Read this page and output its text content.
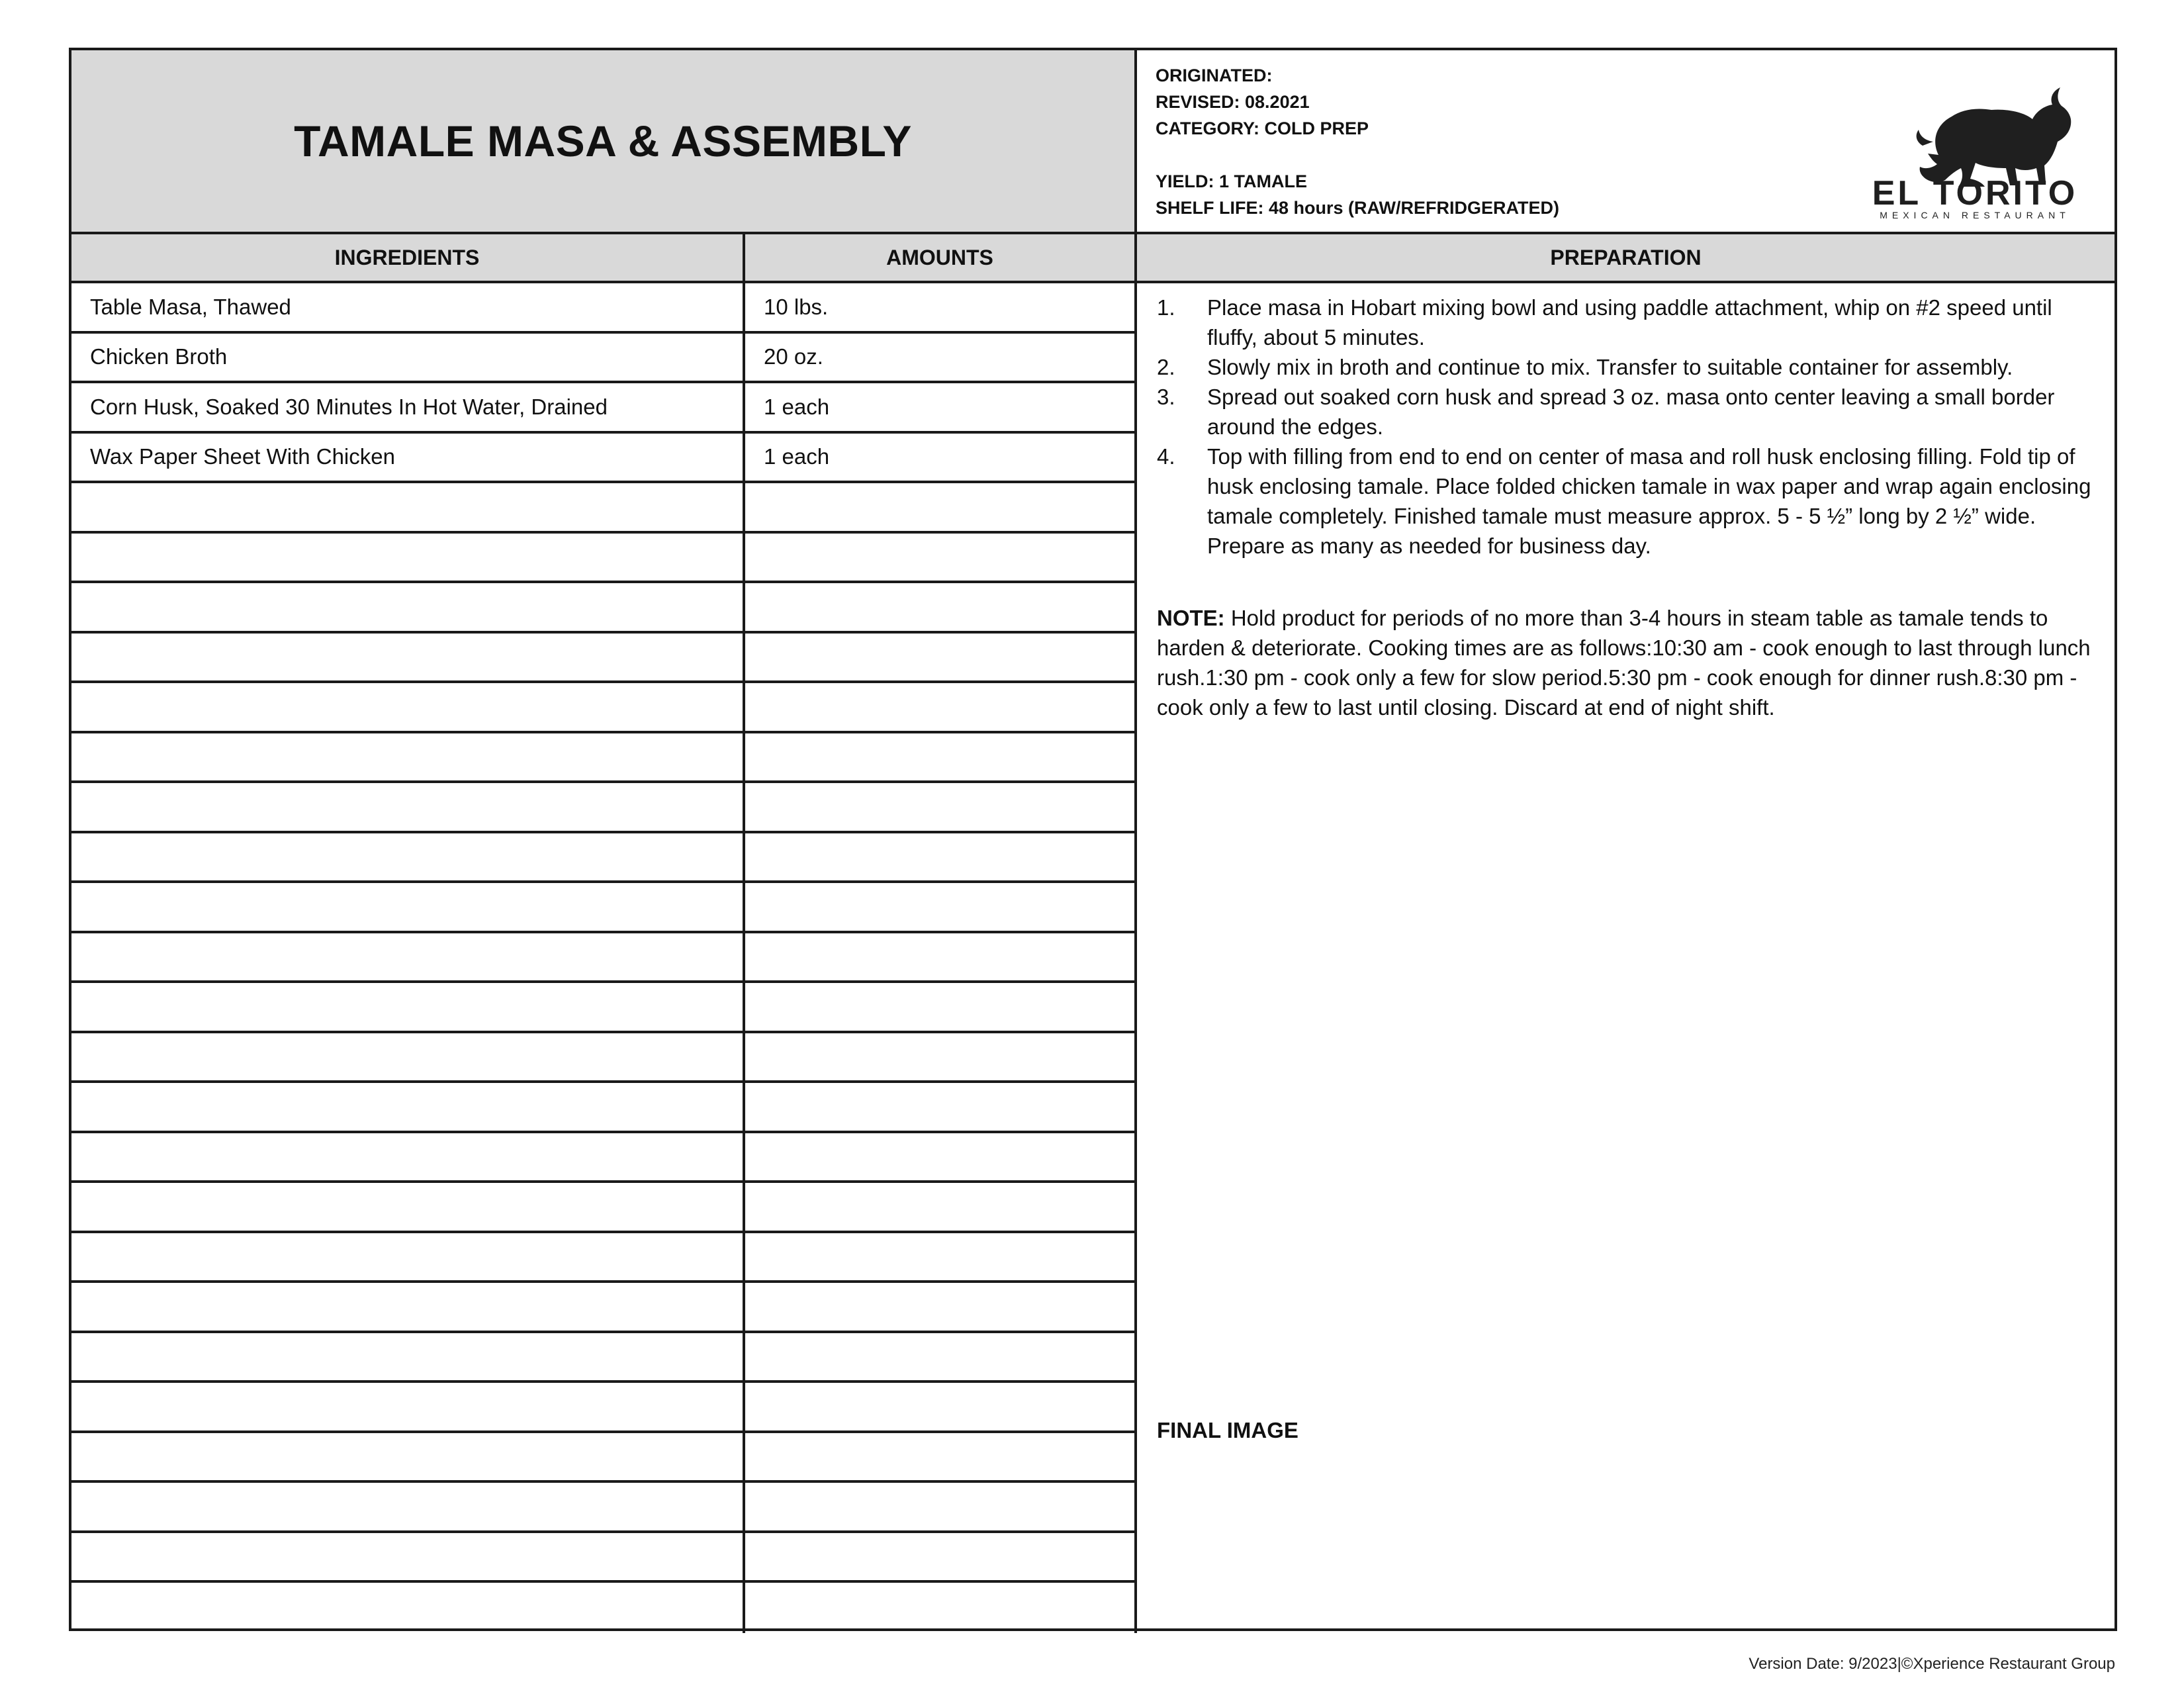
TAMALE MASA & ASSEMBLY
ORIGINATED:
REVISED: 08.2021
CATEGORY: COLD PREP
YIELD: 1 TAMALE
SHELF LIFE: 48 hours (RAW/REFRIDGERATED)	EL TORITO
MEXICAN RESTAURANT
INGREDIENTS	AMOUNTS	PREPARATION
Table Masa, Thawed	10 lbs.
Chicken Broth	20 oz.
Corn Husk, Soaked 30 Minutes In Hot Water, Drained	1 each
Wax Paper Sheet With Chicken	1 each
1. Place masa in Hobart mixing bowl and using paddle attachment, whip on #2 speed until fluffy, about 5 minutes.
2. Slowly mix in broth and continue to mix. Transfer to suitable container for assembly.
3. Spread out soaked corn husk and spread 3 oz. masa onto center leaving a small border around the edges.
4. Top with filling from end to end on center of masa and roll husk enclosing filling. Fold tip of husk enclosing tamale. Place folded chicken tamale in wax paper and wrap again enclosing tamale completely. Finished tamale must measure approx. 5 - 5 ½” long by 2 ½” wide. Prepare as many as needed for business day.
NOTE: Hold product for periods of no more than 3-4 hours in steam table as tamale tends to harden & deteriorate. Cooking times are as follows:10:30 am - cook enough to last through lunch rush.1:30 pm - cook only a few for slow period.5:30 pm - cook enough for dinner rush.8:30 pm - cook only a few to last until closing. Discard at end of night shift.
FINAL IMAGE
Version Date: 9/2023|©Xperience Restaurant Group
